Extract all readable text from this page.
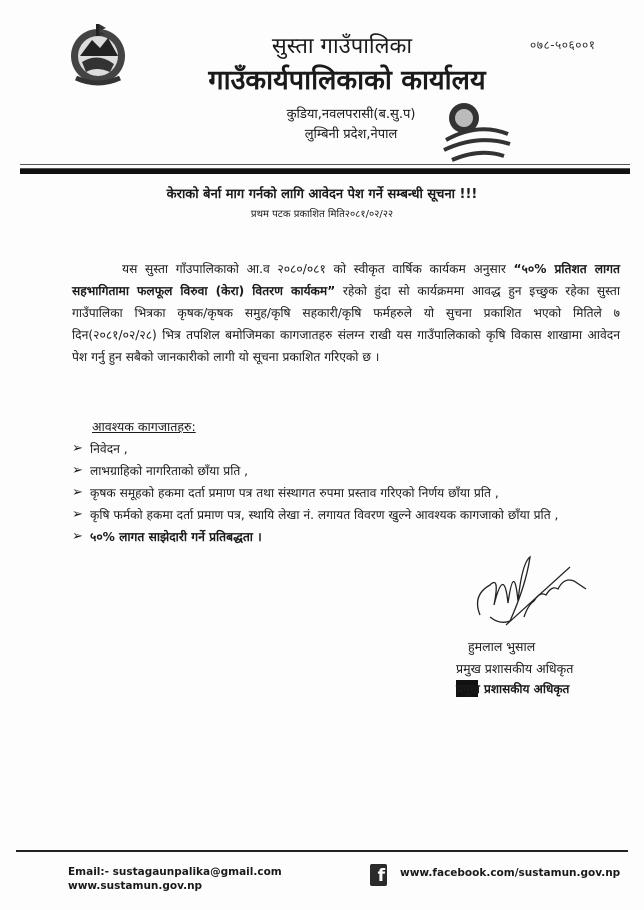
०७८-५०६००१
सुस्ता गाउँपालिका
गाउँकार्यपालिकाको कार्यालय
कुडिया,नवलपरासी(ब.सु.प)
लुम्बिनी प्रदेश,नेपाल
केराको बेर्ना माग गर्नको लागि आवेदन पेश गर्ने सम्बन्धी सूचना !!!
प्रथम पटक प्रकाशित मिति२०८१/०२/२२
यस सुस्ता गाँउपालिकाको आ.व २०८०/०८१ को स्वीकृत वार्षिक कार्यकम अनुसार “५०% प्रतिशत लागत सहभागितामा फलफूल विरुवा (केरा) वितरण कार्यकम” रहेको हुंदा सो कार्यक्रममा आवद्ध हुन इच्छुक रहेका सुस्ता गाउँपालिका भित्रका कृषक/कृषक समुह/कृषि सहकारी/कृषि फर्महरुले यो सुचना प्रकाशित भएको मितिले ७ दिन(२०८१/०२/२८) भित्र तपशिल बमोजिमका कागजातहरु संलग्न राखी यस गाउँपालिकाको कृषि विकास शाखामा आवेदन पेश गर्नु हुन सबैको जानकारीको लागी यो सूचना प्रकाशित गरिएको छ ।
आवश्यक कागजातहरु:
➢ निवेदन ,
➢ लाभग्राहिको नागरिताको छाँया प्रति ,
➢ कृषक समूहको हकमा दर्ता प्रमाण पत्र तथा संस्थागत रुपमा प्रस्ताव गरिएको निर्णय छाँया प्रति ,
➢ कृषि फर्मको हकमा दर्ता प्रमाण पत्र, स्थायि लेखा नं. लगायत विवरण खुल्ने आवश्यक कागजाको छाँया प्रति ,
➢ ५०% लागत साझेदारी गर्ने प्रतिबद्धता ।
हुमलाल भुसाल
प्रमुख प्रशासकीय अधिकृत
प्रमुख प्रशासकीय अधिकृत
Email:- sustagaunpalika@gmail.com
www.sustamun.gov.np	f www.facebook.com/sustamun.gov.np
